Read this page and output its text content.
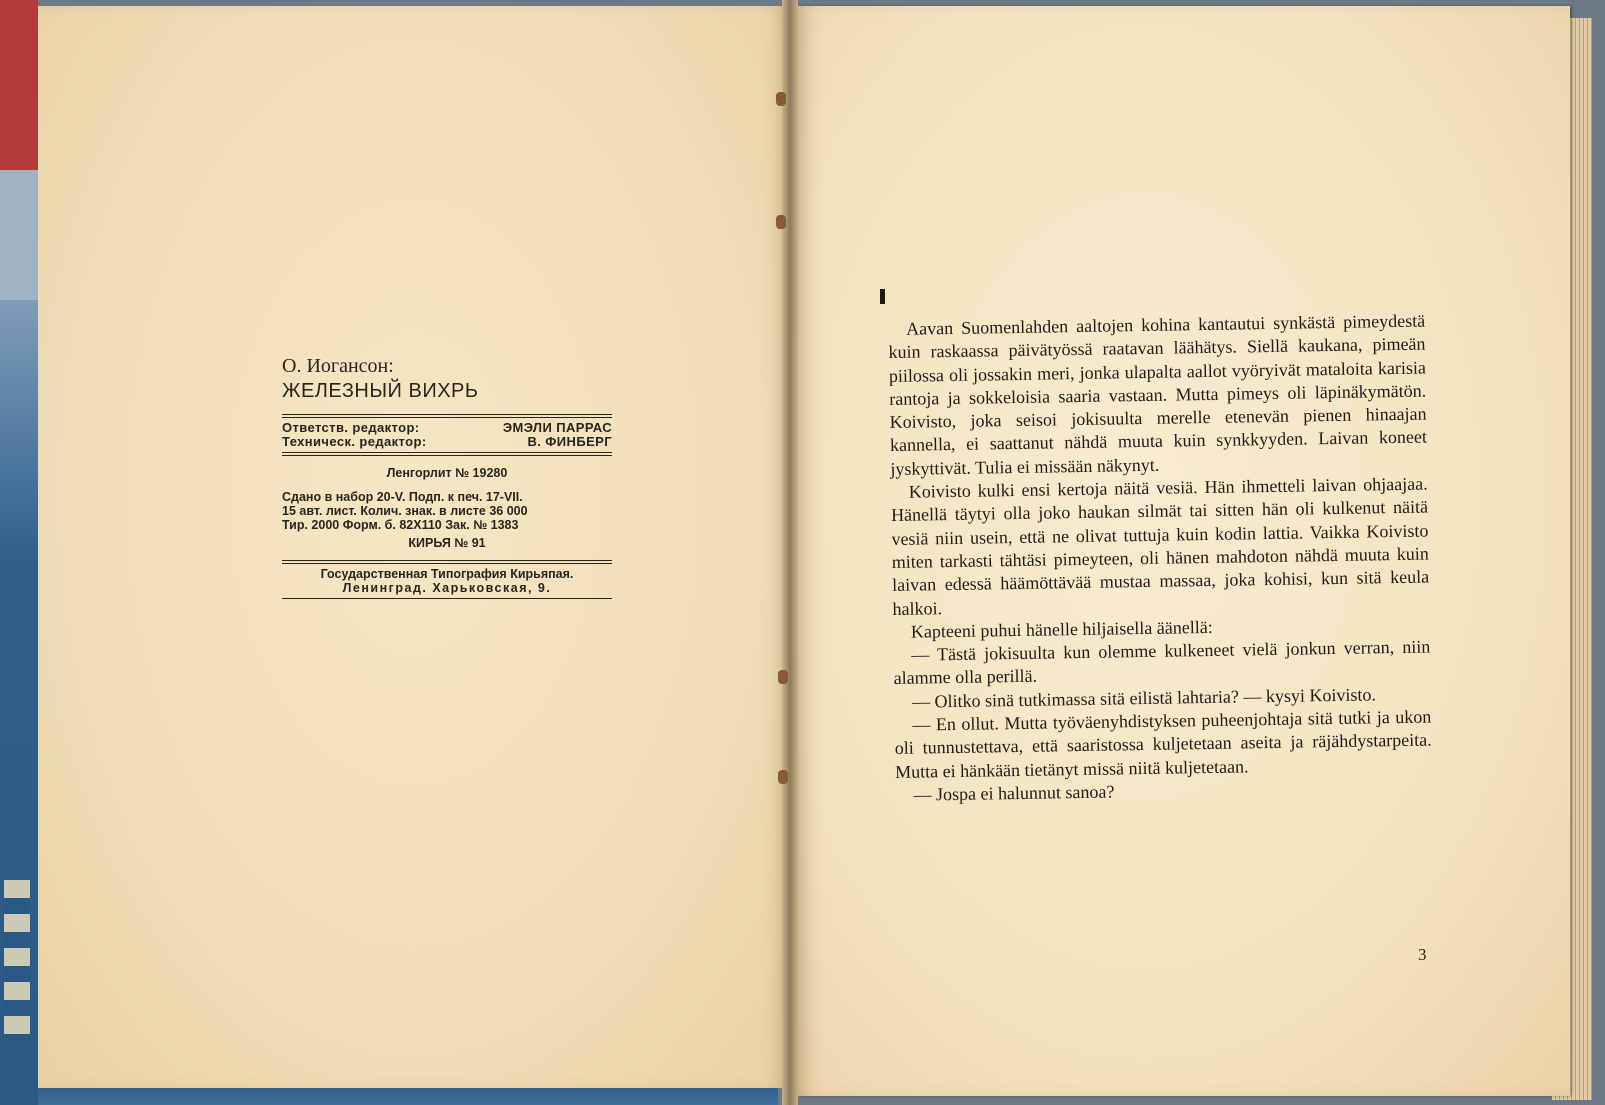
О. Иогансон:
ЖЕЛЕЗНЫЙ ВИХРЬ
Ответств. редактор:	ЭМЭЛИ ПАРРАС
Техническ. редактор:	В. ФИНБЕРГ
Ленгорлит № 19280
Сдано в набор 20-V. Подп. к печ. 17-VII.
15 авт. лист. Колич. знак. в листе 36 000
Тир. 2000 Форм. б. 82X110 Зак. № 1383
КИРЬЯ № 91
Государственная Типография Кирьяпая.
Ленинград. Харьковская, 9.

Aavan Suomenlahden aaltojen kohina kantautui synkästä pimeydestä kuin raskaassa päivätyössä raatavan läähätys. Siellä kaukana, pimeän piilossa oli jossakin meri, jonka ulapalta aallot vyöryivät mataloita karisia rantoja ja sokkeloisia saaria vastaan. Mutta pimeys oli läpinäkymätön. Koivisto, joka seisoi jokisuulta merelle etenevän pienen hinaajan kannella, ei saattanut nähdä muuta kuin synkkyyden. Laivan koneet jyskyttivät. Tulia ei missään näkynyt.

Koivisto kulki ensi kertoja näitä vesiä. Hän ihmetteli laivan ohjaajaa. Hänellä täytyi olla joko haukan silmät tai sitten hän oli kulkenut näitä vesiä niin usein, että ne olivat tuttuja kuin kodin lattia. Vaikka Koivisto miten tarkasti tähtäsi pimeyteen, oli hänen mahdoton nähdä muuta kuin laivan edessä häämöttävää mustaa massaa, joka kohisi, kun sitä keula halkoi.

Kapteeni puhui hänelle hiljaisella äänellä:

— Tästä jokisuulta kun olemme kulkeneet vielä jonkun verran, niin alamme olla perillä.

— Olitko sinä tutkimassa sitä eilistä lahtaria? — kysyi Koivisto.

— En ollut. Mutta työväenyhdistyksen puheenjohtaja sitä tutki ja ukon oli tunnustettava, että saaristossa kuljetetaan aseita ja räjähdystarpeita. Mutta ei hänkään tietänyt missä niitä kuljetetaan.

— Jospa ei halunnut sanoa?

3
